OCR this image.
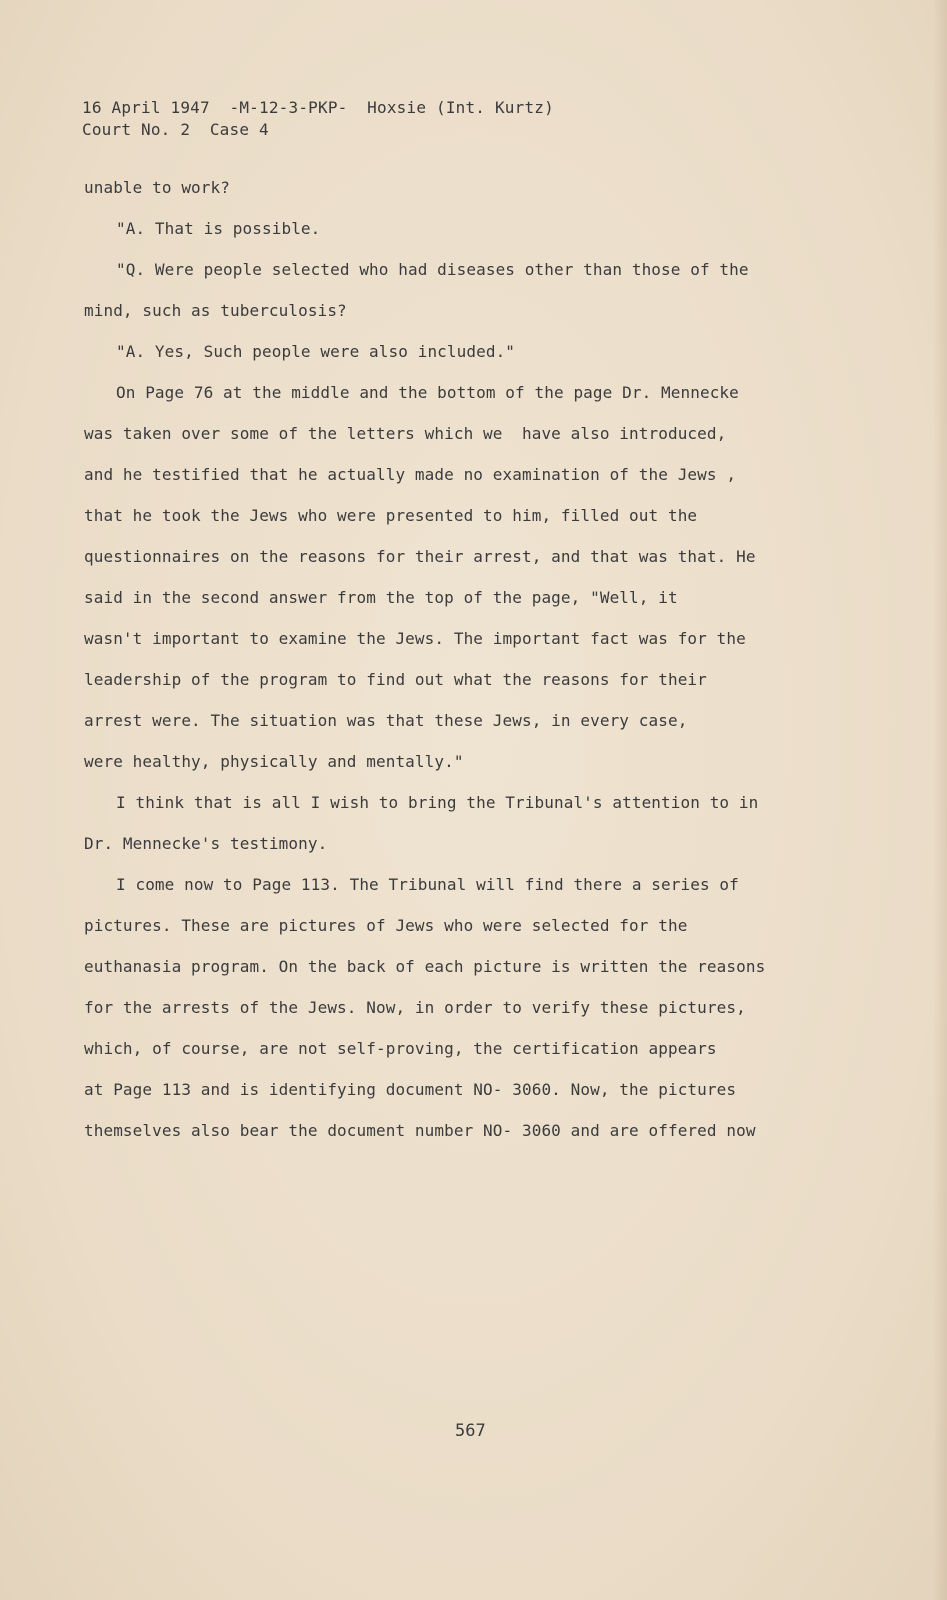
16 April 1947  -M-12-3-PKP-  Hoxsie (Int. Kurtz)
Court No. 2  Case 4
unable to work?
"A. That is possible.
"Q. Were people selected who had diseases other than those of the
mind, such as tuberculosis?
"A. Yes, Such people were also included."
On Page 76 at the middle and the bottom of the page Dr. Mennecke
was taken over some of the letters which we  have also introduced,
and he testified that he actually made no examination of the Jews ,
that he took the Jews who were presented to him, filled out the
questionnaires on the reasons for their arrest, and that was that. He
said in the second answer from the top of the page, "Well, it
wasn't important to examine the Jews. The important fact was for the
leadership of the program to find out what the reasons for their
arrest were. The situation was that these Jews, in every case,
were healthy, physically and mentally."
I think that is all I wish to bring the Tribunal's attention to in
Dr. Mennecke's testimony.
I come now to Page 113. The Tribunal will find there a series of
pictures. These are pictures of Jews who were selected for the
euthanasia program. On the back of each picture is written the reasons
for the arrests of the Jews. Now, in order to verify these pictures,
which, of course, are not self-proving, the certification appears
at Page 113 and is identifying document NO- 3060. Now, the pictures
themselves also bear the document number NO- 3060 and are offered now
567
